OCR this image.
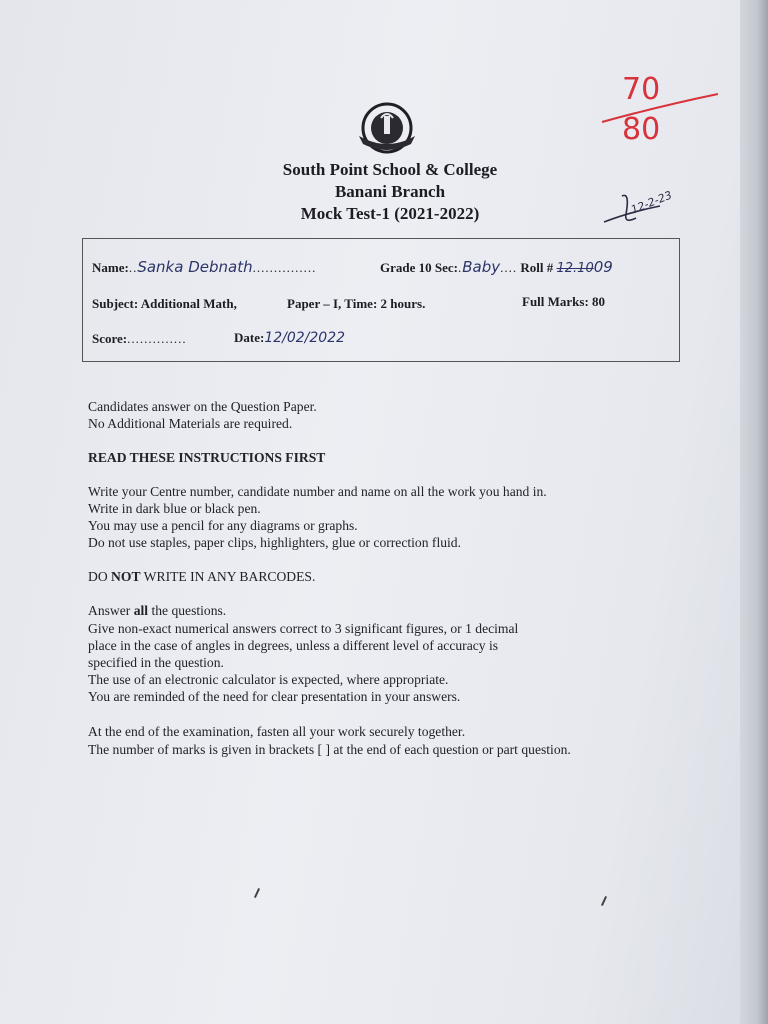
South Point School & College
Banani Branch
Mock Test-1 (2021-2022)
70
80
12-2-23
Name:..Sanka Debnath...............	Grade 10 Sec:.Baby.... Roll # 12.1009
Subject: Additional Math,	Paper – I, Time: 2 hours.	Full Marks: 80
Score:..............	Date:12/02/2022
Candidates answer on the Question Paper.
No Additional Materials are required.
READ THESE INSTRUCTIONS FIRST
Write your Centre number, candidate number and name on all the work you hand in.
Write in dark blue or black pen.
You may use a pencil for any diagrams or graphs.
Do not use staples, paper clips, highlighters, glue or correction fluid.
DO NOT WRITE IN ANY BARCODES.
Answer all the questions.
Give non-exact numerical answers correct to 3 significant figures, or 1 decimal
place in the case of angles in degrees, unless a different level of accuracy is
specified in the question.
The use of an electronic calculator is expected, where appropriate.
You are reminded of the need for clear presentation in your answers.
At the end of the examination, fasten all your work securely together.
The number of marks is given in brackets [ ] at the end of each question or part question.
